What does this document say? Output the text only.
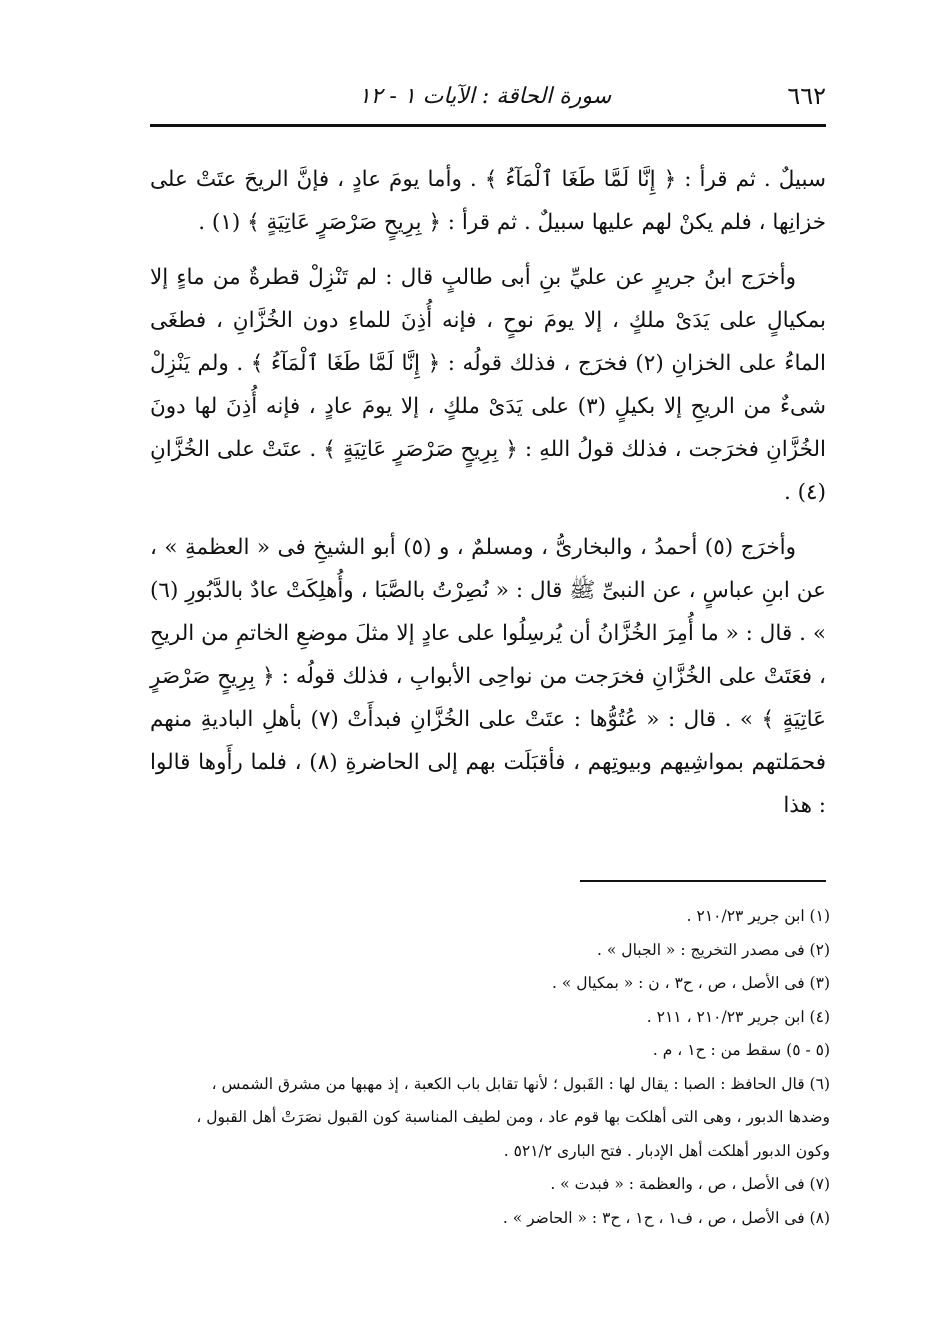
٦٦٢
سورة الحاقة : الآيات ١ - ١٢

سبيلٌ . ثم قرأ : ﴿ إِنَّا لَمَّا طَغَا ٱلْمَآءُ ﴾ . وأما يومَ عادٍ ، فإنَّ الريحَ عتَتْ على خزانِها ، فلم يكنْ لهم عليها سبيلٌ . ثم قرأ : ﴿ بِرِيحٍ صَرْصَرٍ عَاتِيَةٍ ﴾ (١) .

وأخرَج ابنُ جريرٍ عن عليِّ بنِ أبى طالبٍ قال : لم تَنْزِلْ قطرةٌ من ماءٍ إلا بمكيالٍ على يَدَىْ ملكٍ ، إلا يومَ نوحٍ ، فإنه أُذِنَ للماءِ دون الخُزَّانِ ، فطغَى الماءُ على الخزانِ (٢) فخرَج ، فذلك قولُه : ﴿ إِنَّا لَمَّا طَغَا ٱلْمَآءُ ﴾ . ولم يَنْزِلْ شىءٌ من الريحِ إلا بكيلٍ (٣) على يَدَىْ ملكٍ ، إلا يومَ عادٍ ، فإنه أُذِنَ لها دونَ الخُزَّانِ فخرَجت ، فذلك قولُ اللهِ : ﴿ بِرِيحٍ صَرْصَرٍ عَاتِيَةٍ ﴾ . عتَتْ على الخُزَّانِ (٤) .

وأخرَج (٥) أحمدُ ، والبخارىُّ ، ومسلمٌ ، و (٥) أبو الشيخِ فى « العظمةِ » ، عن ابنِ عباسٍ ، عن النبىِّ ﷺ قال : « نُصِرْتُ بالصَّبَا ، وأُهلِكَتْ عادٌ بالدَّبُورِ (٦) » . قال : « ما أُمِرَ الخُزَّانُ أن يُرسِلُوا على عادٍ إلا مثلَ موضعِ الخاتمِ من الريحِ ، فعَتَتْ على الخُزَّانِ فخرَجت من نواحِى الأبوابِ ، فذلك قولُه : ﴿ بِرِيحٍ صَرْصَرٍ عَاتِيَةٍ ﴾ » . قال : « عُتُوُّها : عتَتْ على الخُزَّانِ فبدأَتْ (٧) بأهلِ الباديةِ منهم فحمَلتهم بمواشِيهم وبيوتِهم ، فأقبَلَت بهم إلى الحاضرةِ (٨) ، فلما رأَوها قالوا : هذا

(١) ابن جرير ٢١٠/٢٣ .
(٢) فى مصدر التخريج : « الجبال » .
(٣) فى الأصل ، ص ، ح٣ ، ن : « بمكيال » .
(٤) ابن جرير ٢١٠/٢٣ ، ٢١١ .
(٥ - ٥) سقط من : ح١ ، م .
(٦) قال الحافظ : الصبا : يقال لها : القَبول ؛ لأنها تقابل باب الكعبة ، إذ مهبها من مشرق الشمس ،
وضدها الدبور ، وهى التى أهلكت بها قوم عاد ، ومن لطيف المناسبة كون القبول نصَرَتْ أهل القبول ،
وكون الدبور أهلكت أهل الإدبار . فتح البارى ٥٢١/٢ .
(٧) فى الأصل ، ص ، والعظمة : « فبدت » .
(٨) فى الأصل ، ص ، ف١ ، ح١ ، ح٣ : « الحاضر » .
